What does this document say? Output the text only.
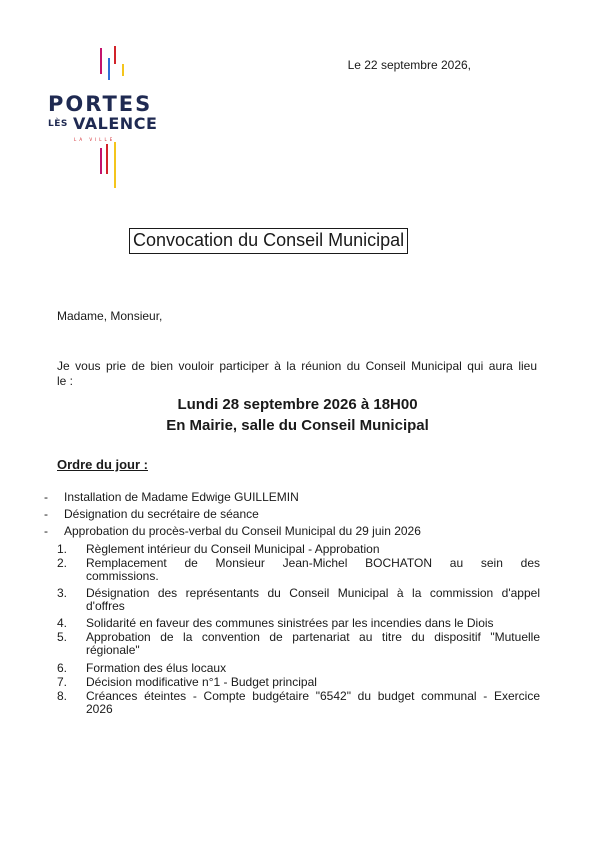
PORTES
LÈS VALENCE
LA VILLE
Le 22 septembre 2026,
Convocation du Conseil Municipal
Madame, Monsieur,
Je vous prie de bien vouloir participer à la réunion du Conseil Municipal qui aura lieu
le :
Lundi 28 septembre 2026 à 18H00
En Mairie, salle du Conseil Municipal
Ordre du jour :
- Installation de Madame Edwige GUILLEMIN
- Désignation du secrétaire de séance
- Approbation du procès-verbal du Conseil Municipal du 29 juin 2026
1.	Règlement intérieur du Conseil Municipal - Approbation
2.	Remplacement de Monsieur Jean-Michel BOCHATON au sein des
commissions.
3.	Désignation des représentants du Conseil Municipal à la commission d'appel
d'offres
4.	Solidarité en faveur des communes sinistrées par les incendies dans le Diois
5.	Approbation de la convention de partenariat au titre du dispositif "Mutuelle
régionale"
6.	Formation des élus locaux
7.	Décision modificative n°1 - Budget principal
8.	Créances éteintes - Compte budgétaire "6542" du budget communal - Exercice
2026
